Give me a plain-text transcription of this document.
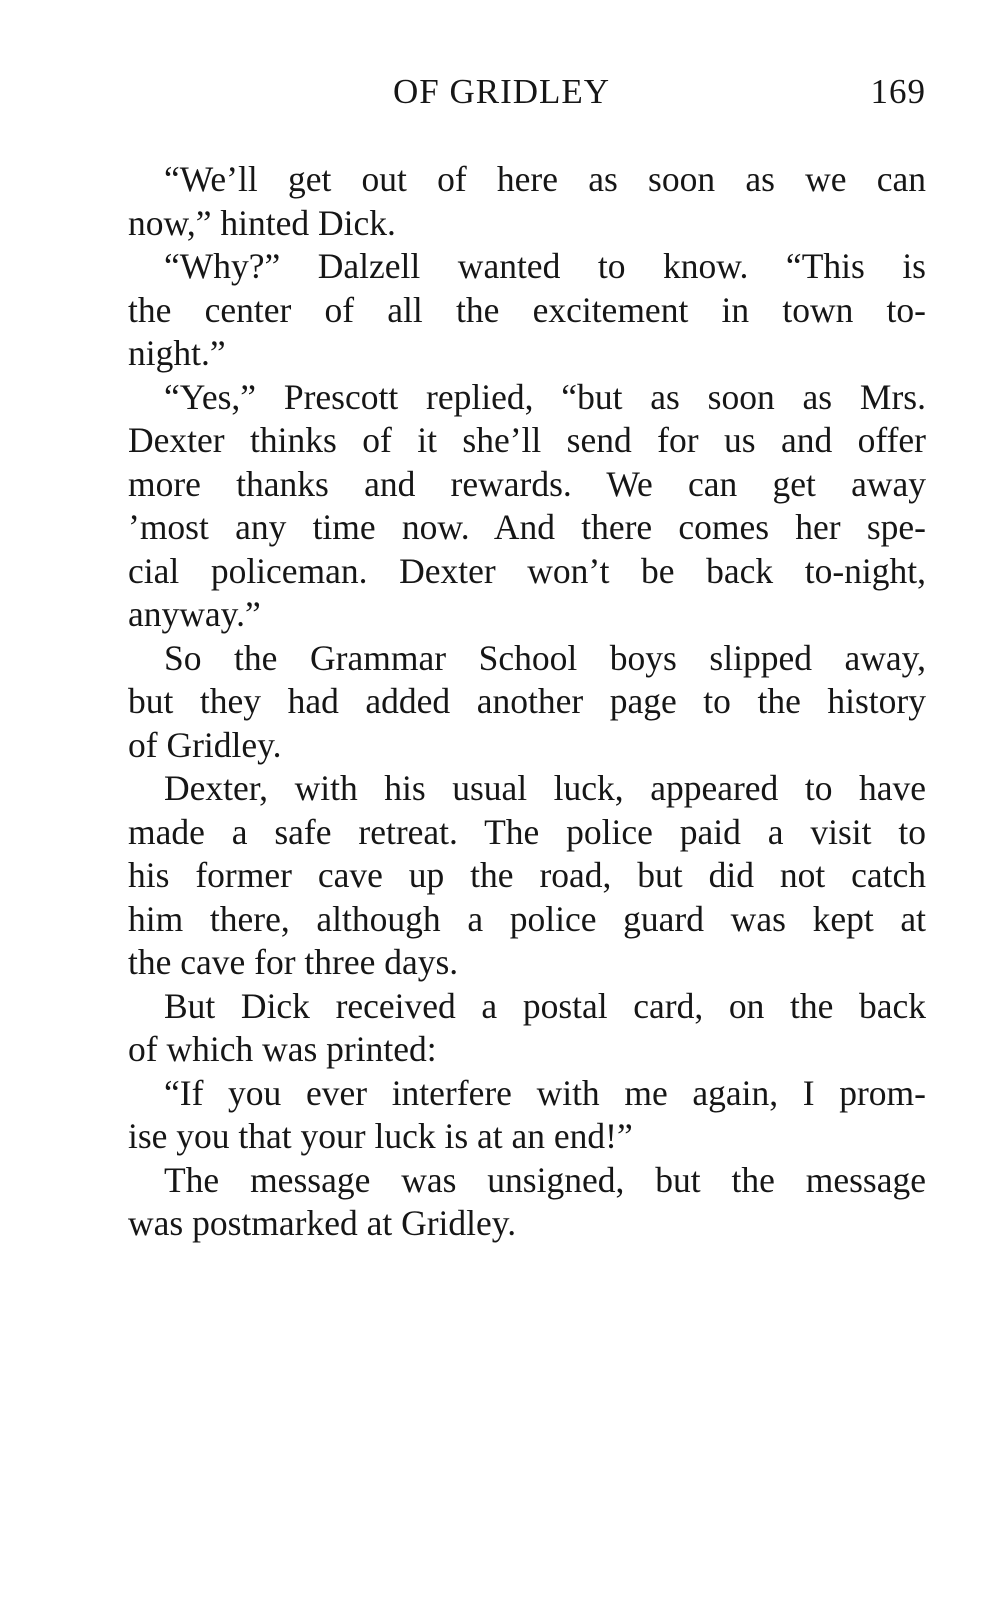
OF GRIDLEY	169
“We’ll get out of here as soon as we can
now,” hinted Dick.
“Why?” Dalzell wanted to know. “This is
the center of all the excitement in town to-
night.”
“Yes,” Prescott replied, “but as soon as Mrs.
Dexter thinks of it she’ll send for us and offer
more thanks and rewards. We can get away
’most any time now. And there comes her spe-
cial policeman. Dexter won’t be back to-night,
anyway.”
So the Grammar School boys slipped away,
but they had added another page to the history
of Gridley.
Dexter, with his usual luck, appeared to have
made a safe retreat. The police paid a visit to
his former cave up the road, but did not catch
him there, although a police guard was kept at
the cave for three days.
But Dick received a postal card, on the back
of which was printed:
“If you ever interfere with me again, I prom-
ise you that your luck is at an end!”
The message was unsigned, but the message
was postmarked at Gridley.
